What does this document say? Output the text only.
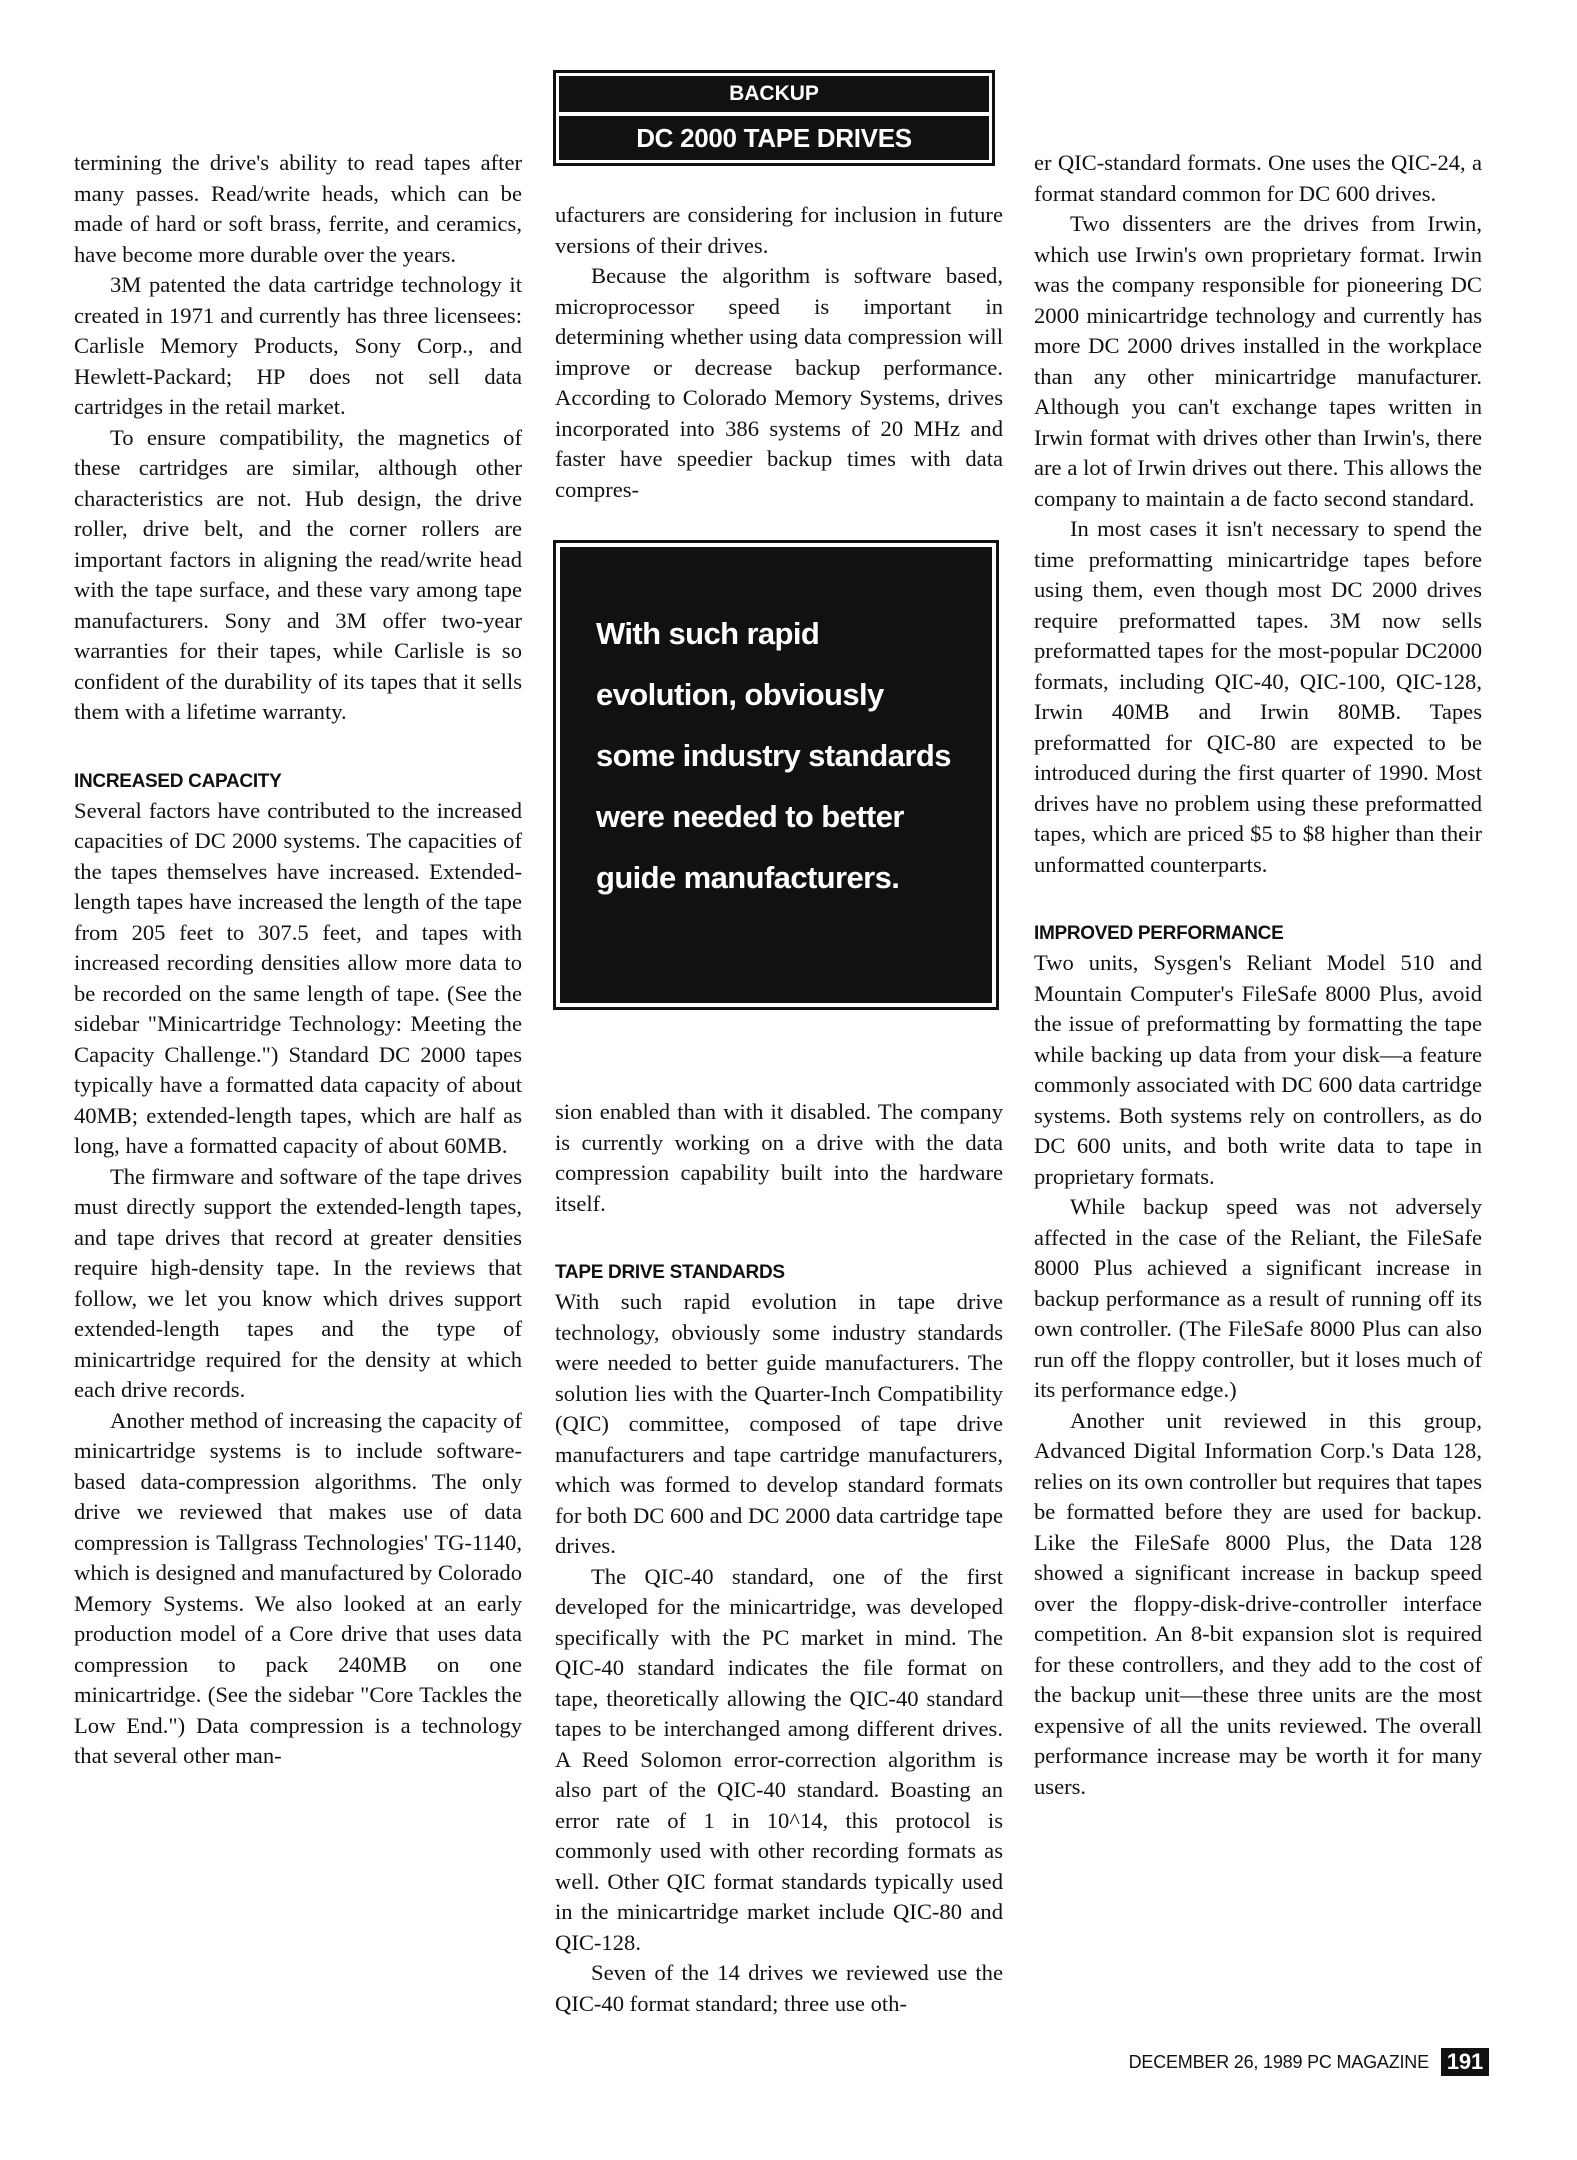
BACKUP
DC 2000 TAPE DRIVES

termining the drive's ability to read tapes after many passes. Read/write heads, which can be made of hard or soft brass, ferrite, and ceramics, have become more durable over the years.

3M patented the data cartridge technology it created in 1971 and currently has three licensees: Carlisle Memory Products, Sony Corp., and Hewlett-Packard; HP does not sell data cartridges in the retail market.

To ensure compatibility, the magnetics of these cartridges are similar, although other characteristics are not. Hub design, the drive roller, drive belt, and the corner rollers are important factors in aligning the read/write head with the tape surface, and these vary among tape manufacturers. Sony and 3M offer two-year warranties for their tapes, while Carlisle is so confident of the durability of its tapes that it sells them with a lifetime warranty.

INCREASED CAPACITY

Several factors have contributed to the increased capacities of DC 2000 systems. The capacities of the tapes themselves have increased. Extended-length tapes have increased the length of the tape from 205 feet to 307.5 feet, and tapes with increased recording densities allow more data to be recorded on the same length of tape. (See the sidebar "Minicartridge Technology: Meeting the Capacity Challenge.") Standard DC 2000 tapes typically have a formatted data capacity of about 40MB; extended-length tapes, which are half as long, have a formatted capacity of about 60MB.

The firmware and software of the tape drives must directly support the extended-length tapes, and tape drives that record at greater densities require high-density tape. In the reviews that follow, we let you know which drives support extended-length tapes and the type of minicartridge required for the density at which each drive records.

Another method of increasing the capacity of minicartridge systems is to include software-based data-compression algorithms. The only drive we reviewed that makes use of data compression is Tallgrass Technologies' TG-1140, which is designed and manufactured by Colorado Memory Systems. We also looked at an early production model of a Core drive that uses data compression to pack 240MB on one minicartridge. (See the sidebar "Core Tackles the Low End.") Data compression is a technology that several other man-

ufacturers are considering for inclusion in future versions of their drives.

Because the algorithm is software based, microprocessor speed is important in determining whether using data compression will improve or decrease backup performance. According to Colorado Memory Systems, drives incorporated into 386 systems of 20 MHz and faster have speedier backup times with data compres-

sion enabled than with it disabled. The company is currently working on a drive with the data compression capability built into the hardware itself.

TAPE DRIVE STANDARDS

With such rapid evolution in tape drive technology, obviously some industry standards were needed to better guide manufacturers. The solution lies with the Quarter-Inch Compatibility (QIC) committee, composed of tape drive manufacturers and tape cartridge manufacturers, which was formed to develop standard formats for both DC 600 and DC 2000 data cartridge tape drives.

The QIC-40 standard, one of the first developed for the minicartridge, was developed specifically with the PC market in mind. The QIC-40 standard indicates the file format on tape, theoretically allowing the QIC-40 standard tapes to be interchanged among different drives. A Reed Solomon error-correction algorithm is also part of the QIC-40 standard. Boasting an error rate of 1 in 10^14, this protocol is commonly used with other recording formats as well. Other QIC format standards typically used in the minicartridge market include QIC-80 and QIC-128.

Seven of the 14 drives we reviewed use the QIC-40 format standard; three use oth-

With such rapid evolution, obviously some industry standards were needed to better guide manufacturers.

er QIC-standard formats. One uses the QIC-24, a format standard common for DC 600 drives.

Two dissenters are the drives from Irwin, which use Irwin's own proprietary format. Irwin was the company responsible for pioneering DC 2000 minicartridge technology and currently has more DC 2000 drives installed in the workplace than any other minicartridge manufacturer. Although you can't exchange tapes written in Irwin format with drives other than Irwin's, there are a lot of Irwin drives out there. This allows the company to maintain a de facto second standard.

In most cases it isn't necessary to spend the time preformatting minicartridge tapes before using them, even though most DC 2000 drives require preformatted tapes. 3M now sells preformatted tapes for the most-popular DC2000 formats, including QIC-40, QIC-100, QIC-128, Irwin 40MB and Irwin 80MB. Tapes preformatted for QIC-80 are expected to be introduced during the first quarter of 1990. Most drives have no problem using these preformatted tapes, which are priced $5 to $8 higher than their unformatted counterparts.

IMPROVED PERFORMANCE

Two units, Sysgen's Reliant Model 510 and Mountain Computer's FileSafe 8000 Plus, avoid the issue of preformatting by formatting the tape while backing up data from your disk—a feature commonly associated with DC 600 data cartridge systems. Both systems rely on controllers, as do DC 600 units, and both write data to tape in proprietary formats.

While backup speed was not adversely affected in the case of the Reliant, the FileSafe 8000 Plus achieved a significant increase in backup performance as a result of running off its own controller. (The FileSafe 8000 Plus can also run off the floppy controller, but it loses much of its performance edge.)

Another unit reviewed in this group, Advanced Digital Information Corp.'s Data 128, relies on its own controller but requires that tapes be formatted before they are used for backup. Like the FileSafe 8000 Plus, the Data 128 showed a significant increase in backup speed over the floppy-disk-drive-controller interface competition. An 8-bit expansion slot is required for these controllers, and they add to the cost of the backup unit—these three units are the most expensive of all the units reviewed. The overall performance increase may be worth it for many users.

DECEMBER 26, 1989 PC MAGAZINE 191
